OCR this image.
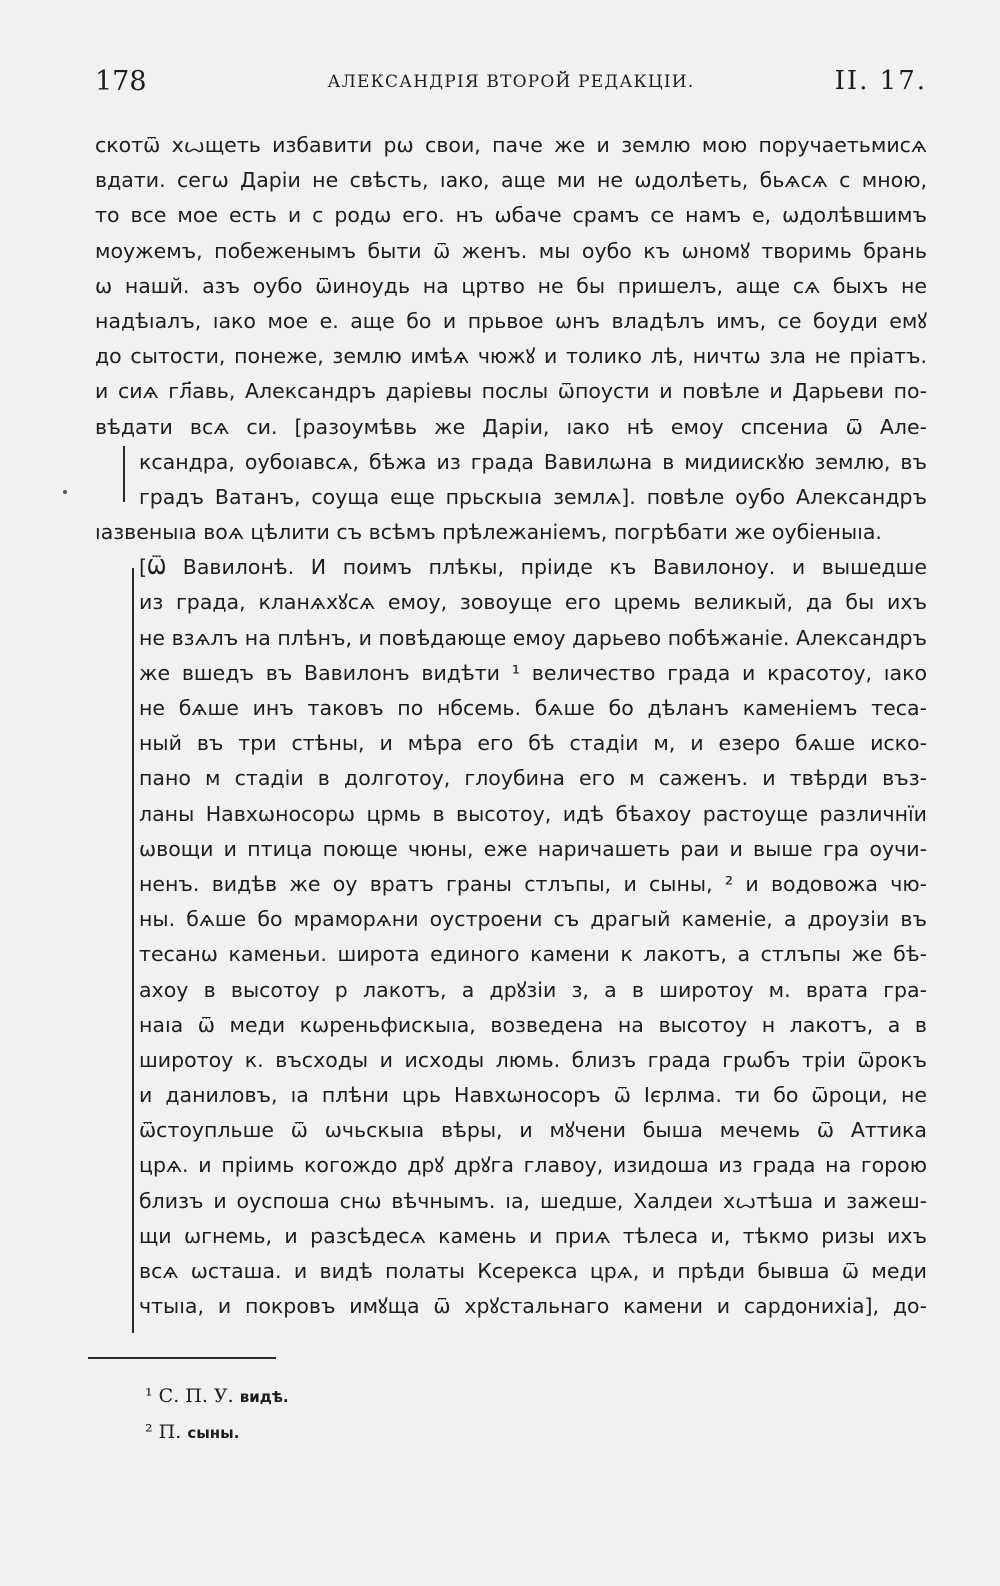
178	АЛЕКСАНДРІЯ ВТОРОЙ РЕДАКЦІИ.	II. 17.
скотѿ хꙍщеть избавити рѡ свои, паче же и землю мою поручаетьмисѧ
вдати. сегѡ Даріи не свѣсть, ıако, аще ми не ѡдолѣеть, бьѧсѧ с мною,
то все мое есть и с родѡ его. нъ ѡбаче срамъ се намъ е, ѡдолѣвшимъ
моужемъ, побеженымъ быти ѿ женъ. мы оубо къ ѡномꙋ творимь брань
ѡ нашй. азъ оубо ѿиноудь на цртво не бы пришелъ, аще сѧ быхъ не
надѣıалъ, ıако мое е. аще бо и прьвое ѡнъ владѣлъ имъ, се боуди емꙋ
до сытости, понеже, землю имѣѧ чюжꙋ и толико лѣ, ничтѡ зла не пріатъ.
и сиѧ гл҃авь, Александръ даріевы послы ѿпоусти и повѣле и Дарьеви по-
вѣдати всѧ си. [разоумѣвь же Даріи, ıако нѣ емоу спсениа ѿ Але-
ксандра, оубоıавсѧ, бѣжа из града Вавилѡна в мидиискꙋю землю, въ
градъ Ватанъ, соуща еще прьскыıа землѧ]. повѣле оубо Александръ
ıазвеныıа воѧ цѣлити съ всѣмъ прѣлежаніемъ, погрѣбати же оубіеныıа.
[Ѿ Вавилонѣ. И поимъ плѣкы, пріиде къ Вавилоноу. и вышедше
из града, кланѧхꙋсѧ емоу, зовоуще его цремь великый, да бы ихъ
не взѧлъ на плѣнъ, и повѣдающе емоу дарьево побѣжаніе. Александръ
же вшедъ въ Вавилонъ видѣти ¹ величество града и красотоу, ıако
не бѧше инъ таковъ по нбсемь. бѧше бо дѣланъ каменіемъ теса-
ный въ три стѣны, и мѣра его бѣ стадіи м, и езеро бѧше иско-
пано м стадіи в долготоу, глоубина его м саженъ. и твѣрди въз-
ланы Навхѡносорѡ црмь в высотоу, идѣ бѣахоу растоуще различнїи
ѡвощи и птица поюще чюны, еже наричашеть раи и выше гра оучи-
ненъ. видѣв же оу вратъ граны стлъпы, и сыны, ² и водовожа чю-
ны. бѧше бо мраморѧни оустроени съ драгый каменіе, а дроузіи въ
тесанѡ каменьи. широта единого камени к лакотъ, а стлъпы же бѣ-
ахоу в высотоу р лакотъ, а дрꙋзіи з, а в широтоу м. врата гра-
наıа ѿ меди кѡреньфискыıа, возведена на высотоу н лакотъ, а в
широтоу к. въсходы и исходы люмь. близъ града грѡбъ тріи ѿрокъ
и даниловъ, ıа плѣни црь Навхѡносоръ ѿ Ієрлма. ти бо ѿроци, не
ѿстоупльше ѿ ѡчьскыıа вѣры, и мꙋчени быша мечемь ѿ Аттика
црѧ. и пріимь когождо дрꙋ дрꙋга главоу, изидоша из града на горою
близъ и оуспоша снѡ вѣчнымъ. ıа, шедше, Халдеи хꙍтѣша и зажеш-
щи ѡгнемь, и разсѣдесѧ камень и приѧ тѣлеса и, тѣкмо ризы ихъ
всѧ ѡсташа. и видѣ полаты Ксерекса црѧ, и прѣди бывша ѿ меди
чтыıа, и покровъ имꙋща ѿ хрꙋстальнаго камени и сардонихіа], до-
¹ С. П. У. видѣ.
² П. сыны.
